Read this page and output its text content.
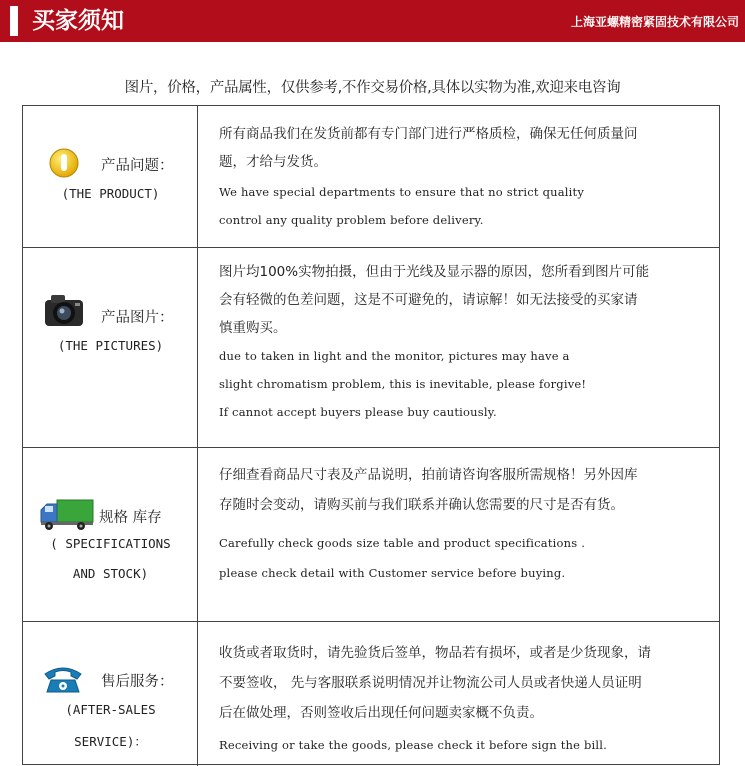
买家须知	上海亚螺精密紧固技术有限公司
图片，价格，产品属性，仅供参考,不作交易价格,具体以实物为准,欢迎来电咨询
产品问题：
(THE PRODUCT)
所有商品我们在发货前都有专门部门进行严格质检，确保无任何质量问
题，才给与发货。
We have special departments to ensure that no strict quality
control any quality problem before delivery.
产品图片：
(THE PICTURES)
图片均100%实物拍摄，但由于光线及显示器的原因，您所看到图片可能
会有轻微的色差问题，这是不可避免的，请谅解！如无法接受的买家请
慎重购买。
due to taken in light and the monitor, pictures may have a
slight chromatism problem, this is inevitable, please forgive!
If cannot accept buyers please buy cautiously.
规格 库存
( SPECIFICATIONS
AND STOCK)
仔细查看商品尺寸表及产品说明，拍前请咨询客服所需规格！另外因库
存随时会变动，请购买前与我们联系并确认您需要的尺寸是否有货。
Carefully check goods size table and product specifications .
please check detail with Customer service before buying.
售后服务：
(AFTER-SALES
SERVICE)：
收货或者取货时，请先验货后签单，物品若有损坏，或者是少货现象，请
不要签收， 先与客服联系说明情况并让物流公司人员或者快递人员证明
后在做处理，否则签收后出现任何问题卖家概不负责。
Receiving or take the goods, please check it before sign the bill.
